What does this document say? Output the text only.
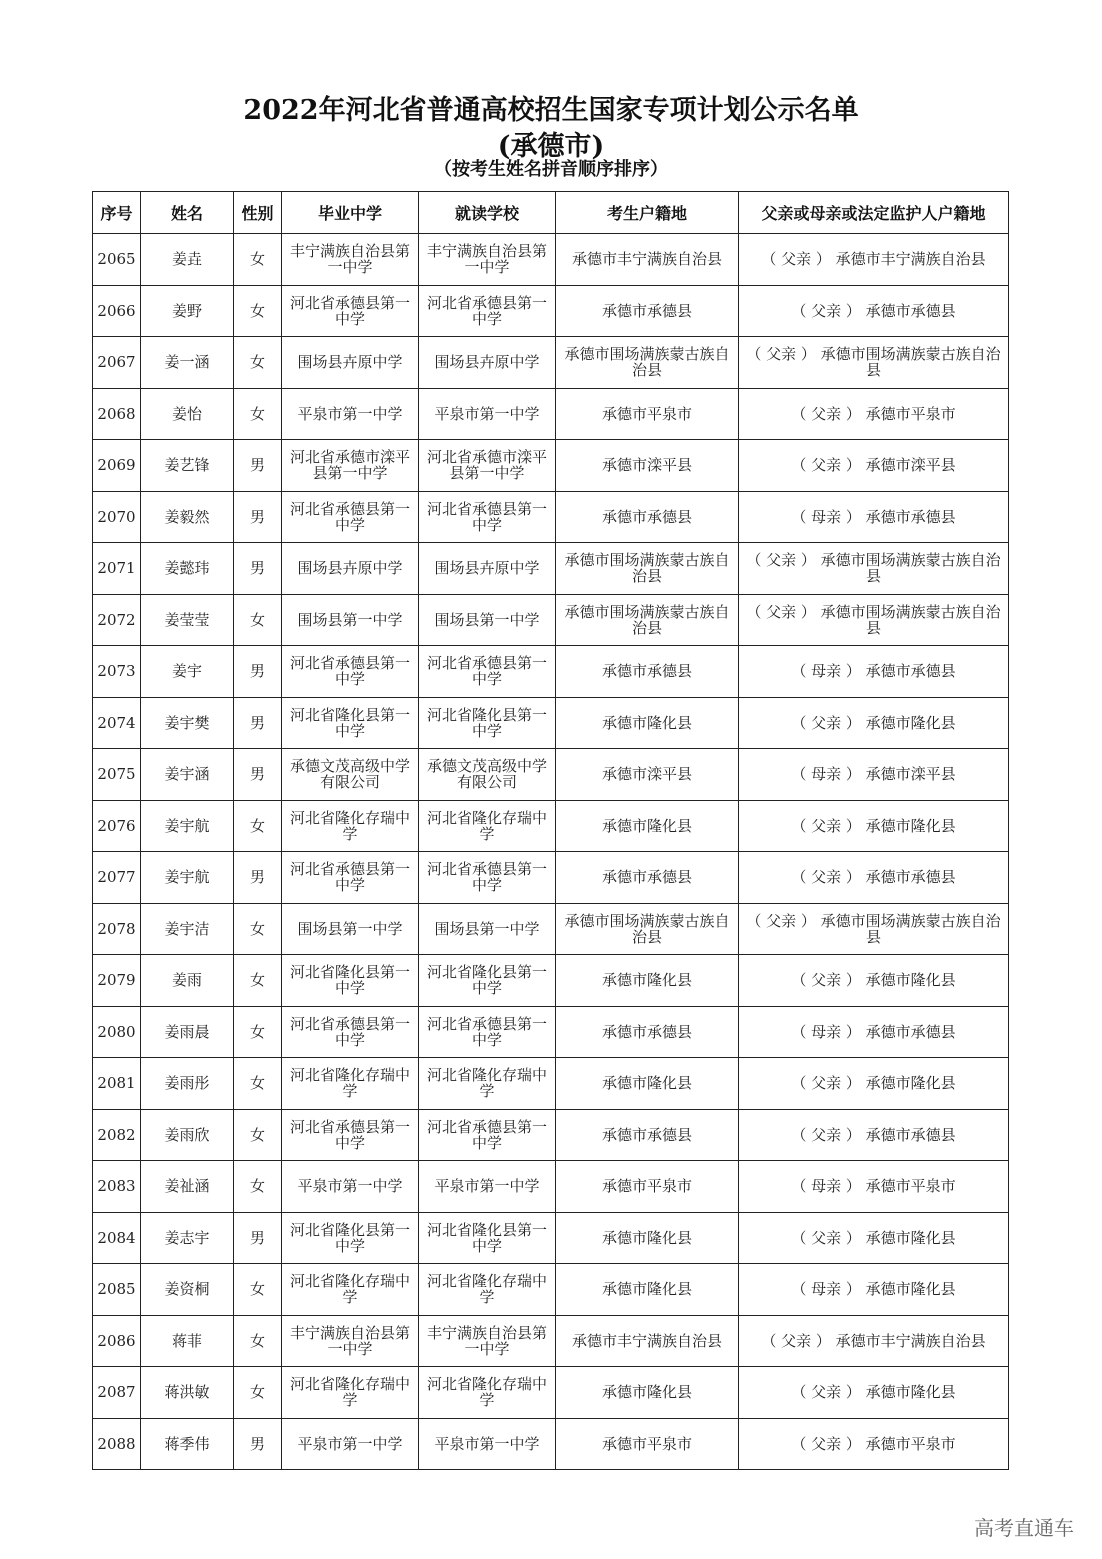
2022年河北省普通高校招生国家专项计划公示名单
(承德市)
（按考生姓名拼音顺序排序）
序号	姓名	性别	毕业中学	就读学校	考生户籍地	父亲或母亲或法定监护人户籍地
2065	姜垚	女	丰宁满族自治县第一中学	丰宁满族自治县第一中学	承德市丰宁满族自治县	（ 父亲 ） 承德市丰宁满族自治县
2066	姜野	女	河北省承德县第一中学	河北省承德县第一中学	承德市承德县	（ 父亲 ） 承德市承德县
2067	姜一涵	女	围场县卉原中学	围场县卉原中学	承德市围场满族蒙古族自治县	（ 父亲 ） 承德市围场满族蒙古族自治县
2068	姜怡	女	平泉市第一中学	平泉市第一中学	承德市平泉市	（ 父亲 ） 承德市平泉市
2069	姜艺锋	男	河北省承德市滦平县第一中学	河北省承德市滦平县第一中学	承德市滦平县	（ 父亲 ） 承德市滦平县
2070	姜毅然	男	河北省承德县第一中学	河北省承德县第一中学	承德市承德县	（ 母亲 ） 承德市承德县
2071	姜懿玮	男	围场县卉原中学	围场县卉原中学	承德市围场满族蒙古族自治县	（ 父亲 ） 承德市围场满族蒙古族自治县
2072	姜莹莹	女	围场县第一中学	围场县第一中学	承德市围场满族蒙古族自治县	（ 父亲 ） 承德市围场满族蒙古族自治县
2073	姜宇	男	河北省承德县第一中学	河北省承德县第一中学	承德市承德县	（ 母亲 ） 承德市承德县
2074	姜宇樊	男	河北省隆化县第一中学	河北省隆化县第一中学	承德市隆化县	（ 父亲 ） 承德市隆化县
2075	姜宇涵	男	承德文茂高级中学有限公司	承德文茂高级中学有限公司	承德市滦平县	（ 母亲 ） 承德市滦平县
2076	姜宇航	女	河北省隆化存瑞中学	河北省隆化存瑞中学	承德市隆化县	（ 父亲 ） 承德市隆化县
2077	姜宇航	男	河北省承德县第一中学	河北省承德县第一中学	承德市承德县	（ 父亲 ） 承德市承德县
2078	姜宇洁	女	围场县第一中学	围场县第一中学	承德市围场满族蒙古族自治县	（ 父亲 ） 承德市围场满族蒙古族自治县
2079	姜雨	女	河北省隆化县第一中学	河北省隆化县第一中学	承德市隆化县	（ 父亲 ） 承德市隆化县
2080	姜雨晨	女	河北省承德县第一中学	河北省承德县第一中学	承德市承德县	（ 母亲 ） 承德市承德县
2081	姜雨彤	女	河北省隆化存瑞中学	河北省隆化存瑞中学	承德市隆化县	（ 父亲 ） 承德市隆化县
2082	姜雨欣	女	河北省承德县第一中学	河北省承德县第一中学	承德市承德县	（ 父亲 ） 承德市承德县
2083	姜祉涵	女	平泉市第一中学	平泉市第一中学	承德市平泉市	（ 母亲 ） 承德市平泉市
2084	姜志宇	男	河北省隆化县第一中学	河北省隆化县第一中学	承德市隆化县	（ 父亲 ） 承德市隆化县
2085	姜资桐	女	河北省隆化存瑞中学	河北省隆化存瑞中学	承德市隆化县	（ 母亲 ） 承德市隆化县
2086	蒋菲	女	丰宁满族自治县第一中学	丰宁满族自治县第一中学	承德市丰宁满族自治县	（ 父亲 ） 承德市丰宁满族自治县
2087	蒋洪敏	女	河北省隆化存瑞中学	河北省隆化存瑞中学	承德市隆化县	（ 父亲 ） 承德市隆化县
2088	蒋季伟	男	平泉市第一中学	平泉市第一中学	承德市平泉市	（ 父亲 ） 承德市平泉市
高考直通车
